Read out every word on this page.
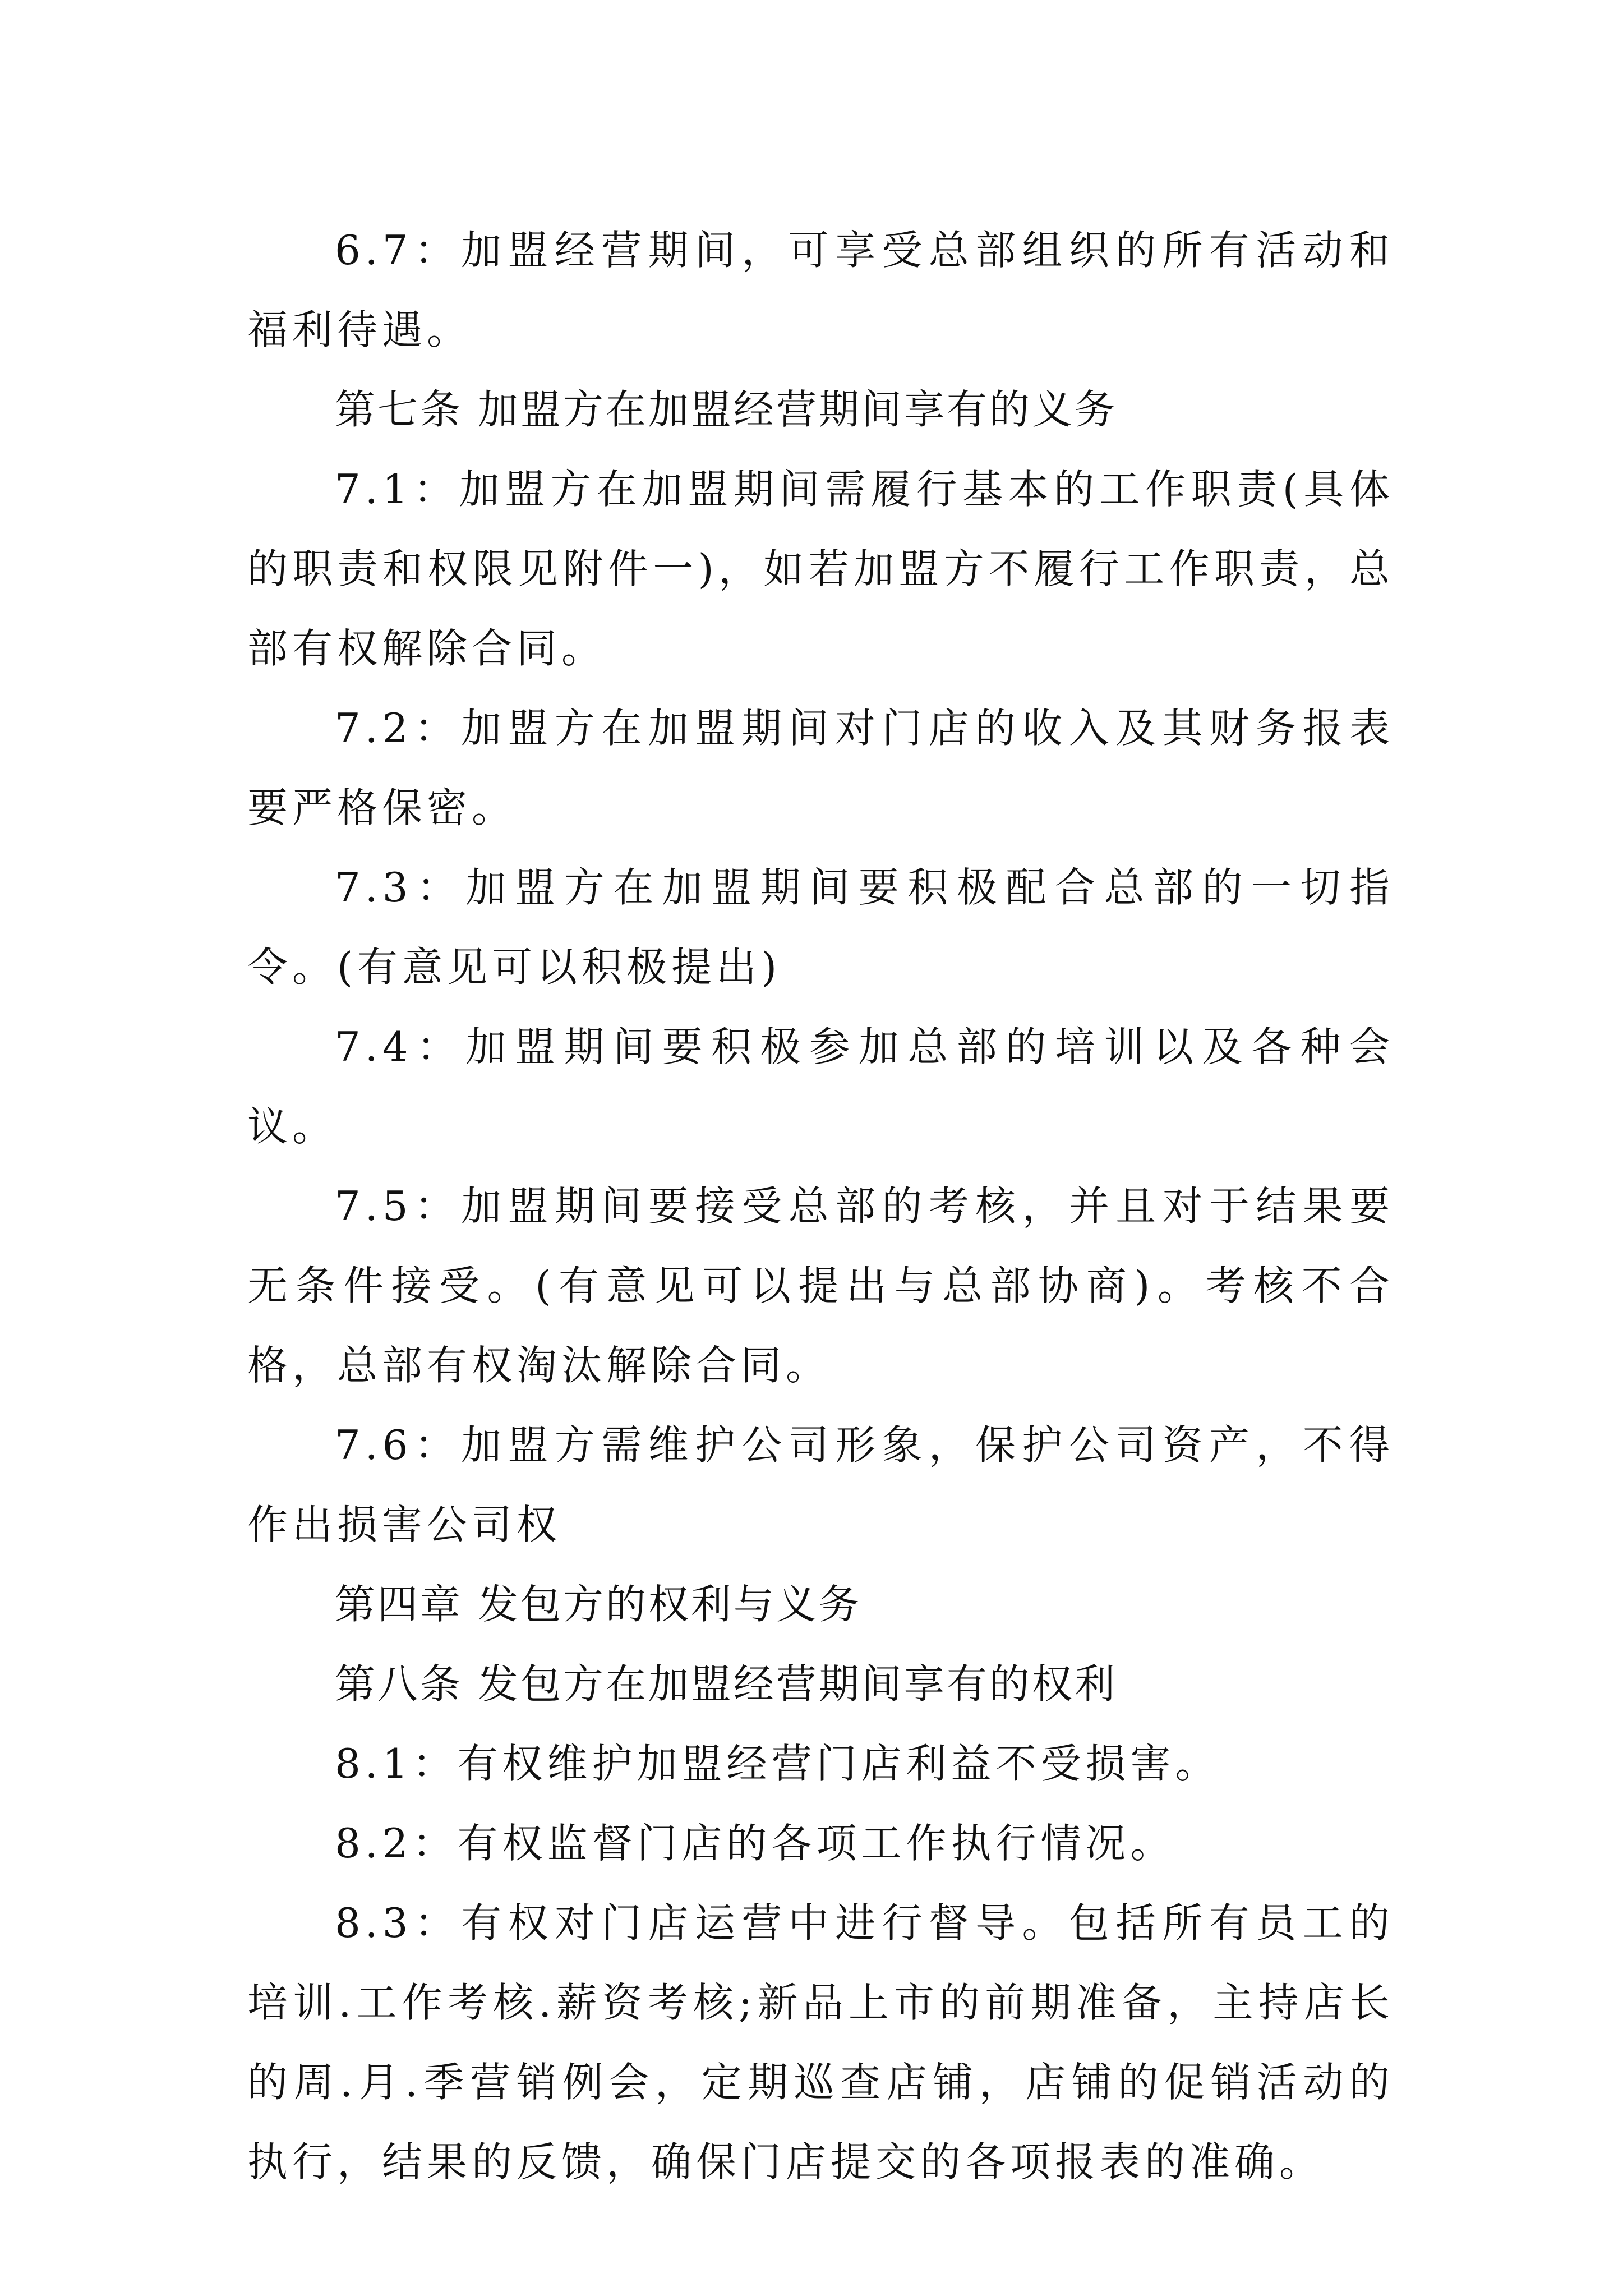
6.7：加盟经营期间，可享受总部组织的所有活动和福利待遇。

第七条 加盟方在加盟经营期间享有的义务

7.1：加盟方在加盟期间需履行基本的工作职责(具体的职责和权限见附件一)，如若加盟方不履行工作职责，总部有权解除合同。

7.2：加盟方在加盟期间对门店的收入及其财务报表要严格保密。

7.3：加盟方在加盟期间要积极配合总部的一切指令。(有意见可以积极提出)

7.4：加盟期间要积极参加总部的培训以及各种会议。

7.5：加盟期间要接受总部的考核，并且对于结果要无条件接受。(有意见可以提出与总部协商)。考核不合格，总部有权淘汰解除合同。

7.6：加盟方需维护公司形象，保护公司资产，不得作出损害公司权

第四章 发包方的权利与义务

第八条 发包方在加盟经营期间享有的权利

8.1：有权维护加盟经营门店利益不受损害。

8.2：有权监督门店的各项工作执行情况。

8.3：有权对门店运营中进行督导。包括所有员工的培训.工作考核.薪资考核;新品上市的前期准备，主持店长的周.月.季营销例会，定期巡查店铺，店铺的促销活动的执行，结果的反馈，确保门店提交的各项报表的准确。
